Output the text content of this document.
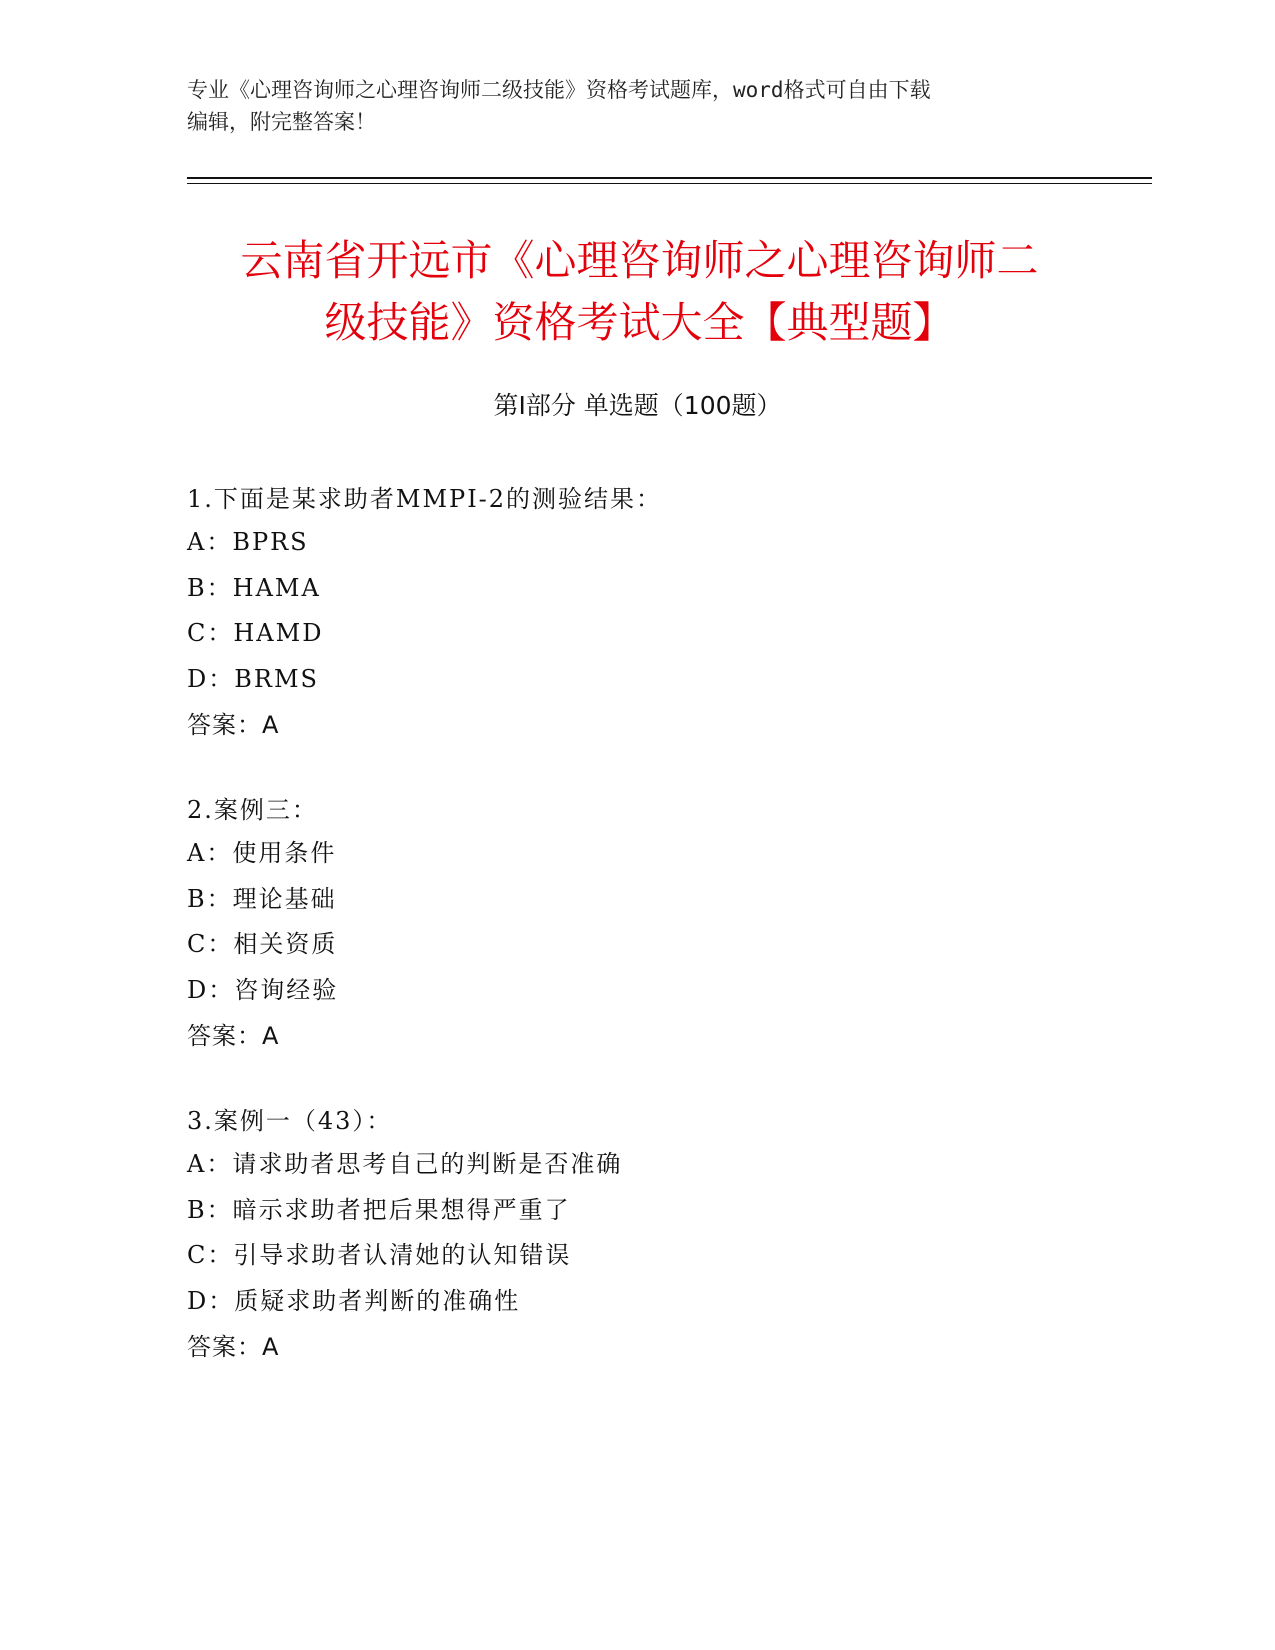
专业《心理咨询师之心理咨询师二级技能》资格考试题库，word格式可自由下载
编辑，附完整答案！
云南省开远市《心理咨询师之心理咨询师二
级技能》资格考试大全【典型题】
第Ⅰ部分 单选题（100题）
1.下面是某求助者MMPI-2的测验结果：
A：BPRS
B：HAMA
C：HAMD
D：BRMS
答案：A
2.案例三：
A：使用条件
B：理论基础
C：相关资质
D：咨询经验
答案：A
3.案例一（43）：
A：请求助者思考自己的判断是否准确
B：暗示求助者把后果想得严重了
C：引导求助者认清她的认知错误
D：质疑求助者判断的准确性
答案：A
